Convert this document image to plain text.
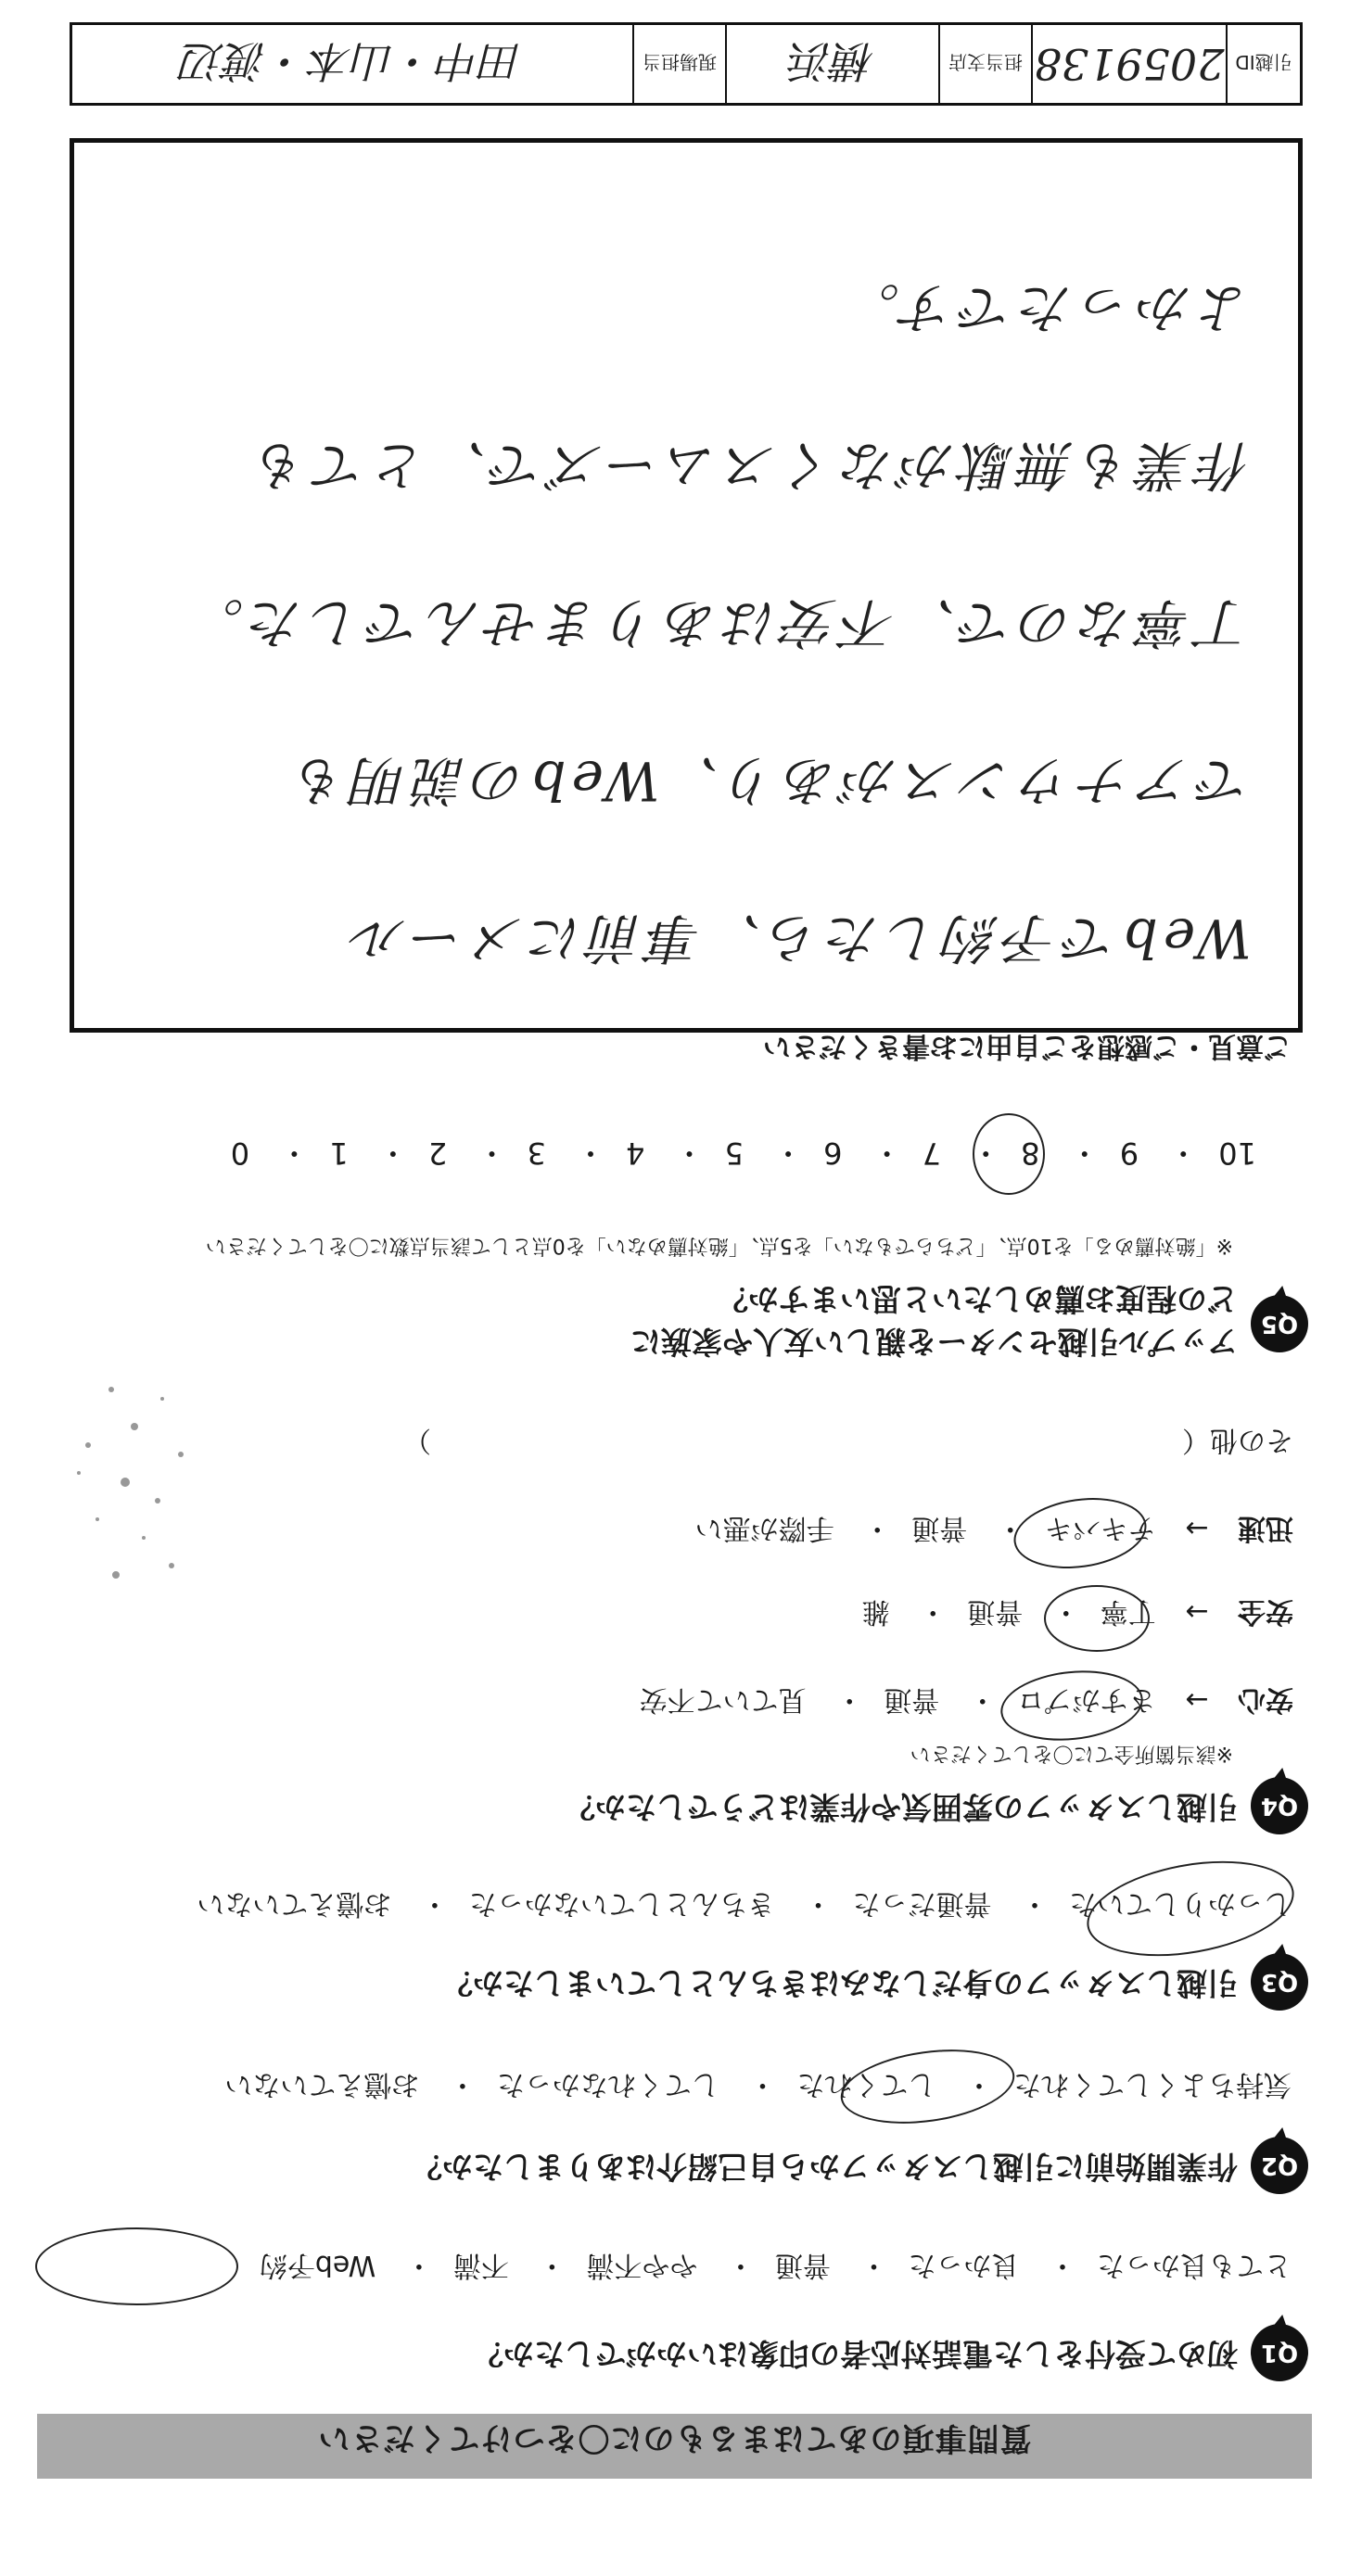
質問事項のあてはまるものに〇をつけてください
Q1
初めて受付をした電話対応者の印象はいかがでしたか？
とても良かった・ 良かった・ 普通・ やや不満・ 不満・ Web予約
Q2
作業開始前に引越しスタッフから自己紹介はありましたか？
気持ちよくしてくれた・ してくれた・ してくれなかった・ お憶えていない
Q3
引越しスタッフの身だしなみはきちんとしていましたか？
しっかりしていた・ 普通だった・ きちんとしていなかった・ お憶えていない
Q4
引越しスタッフの雰囲気や作業はどうでしたか？
※該当箇所全てに〇をしてください
安心 → さすがプロ・ 普通・ 見ていて不安
安全 → 丁寧・ 普通・ 雑
迅速 → テキパキ・ 普通・ 手際が悪い
その他（　　　　　　　　　　　　　　　　　　　　　　　　　　　）
Q5
アップル引越センターを親しい友人や家族に
どの程度お薦めしたいと思いますか？
※「絶対薦める」を10点、「どちらでもない」を5点、「絶対薦めない」を0点として該当点数に〇をしてください
10・ 9・ 8・ 7・ 6・ 5・ 4・ 3・ 2・ 1・ 0
ご意見・ご感想をご自由にお書きください
Webで予約したら、事前にメール
でアナウンスがあり、Webの説明も
丁寧なので、不安はありませんでした。
作業も無駄がなくスムーズで、とても
よかったです。
引越ID
2059138
担当支店
横浜
現場担当
田中・山本・渡辺
